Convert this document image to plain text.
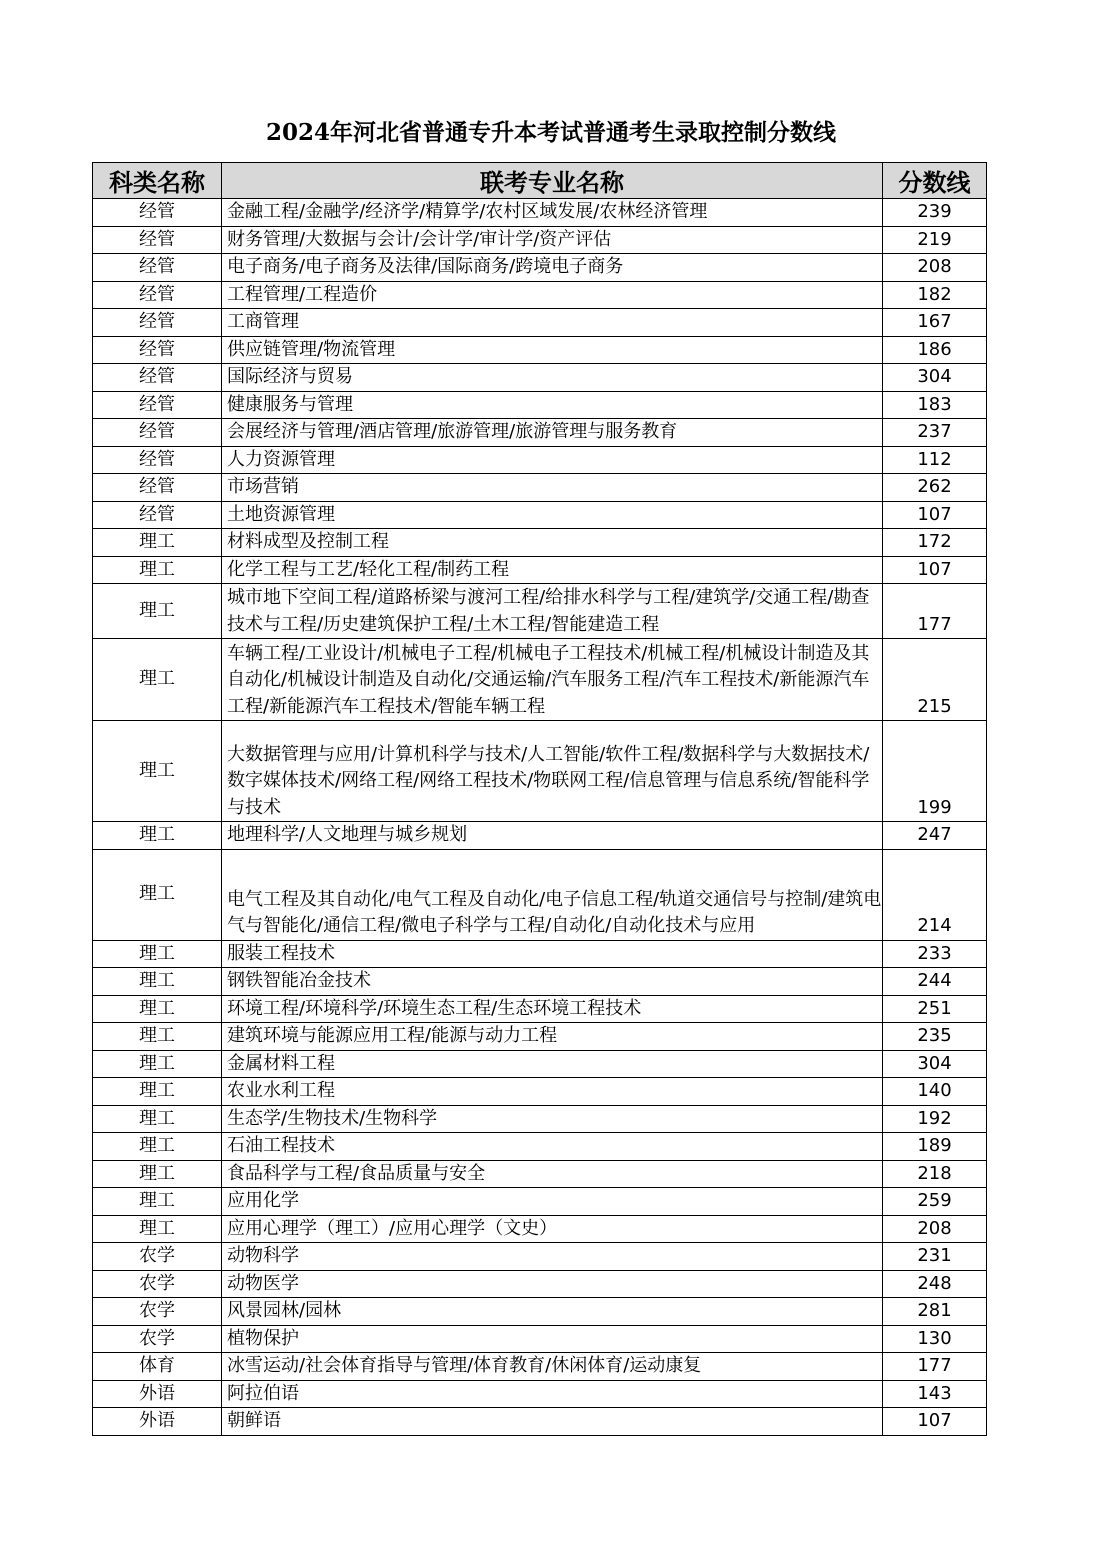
2024年河北省普通专升本考试普通考生录取控制分数线
科类名称	联考专业名称	分数线
经管	金融工程/金融学/经济学/精算学/农村区域发展/农林经济管理	239
经管	财务管理/大数据与会计/会计学/审计学/资产评估	219
经管	电子商务/电子商务及法律/国际商务/跨境电子商务	208
经管	工程管理/工程造价	182
经管	工商管理	167
经管	供应链管理/物流管理	186
经管	国际经济与贸易	304
经管	健康服务与管理	183
经管	会展经济与管理/酒店管理/旅游管理/旅游管理与服务教育	237
经管	人力资源管理	112
经管	市场营销	262
经管	土地资源管理	107
理工	材料成型及控制工程	172
理工	化学工程与工艺/轻化工程/制药工程	107
理工	城市地下空间工程/道路桥梁与渡河工程/给排水科学与工程/建筑学/交通工程/勘查技术与工程/历史建筑保护工程/土木工程/智能建造工程	177
理工	车辆工程/工业设计/机械电子工程/机械电子工程技术/机械工程/机械设计制造及其自动化/机械设计制造及自动化/交通运输/汽车服务工程/汽车工程技术/新能源汽车工程/新能源汽车工程技术/智能车辆工程	215
理工	大数据管理与应用/计算机科学与技术/人工智能/软件工程/数据科学与大数据技术/数字媒体技术/网络工程/网络工程技术/物联网工程/信息管理与信息系统/智能科学与技术	199
理工	地理科学/人文地理与城乡规划	247
理工	电气工程及其自动化/电气工程及自动化/电子信息工程/轨道交通信号与控制/建筑电气与智能化/通信工程/微电子科学与工程/自动化/自动化技术与应用	214
理工	服装工程技术	233
理工	钢铁智能冶金技术	244
理工	环境工程/环境科学/环境生态工程/生态环境工程技术	251
理工	建筑环境与能源应用工程/能源与动力工程	235
理工	金属材料工程	304
理工	农业水利工程	140
理工	生态学/生物技术/生物科学	192
理工	石油工程技术	189
理工	食品科学与工程/食品质量与安全	218
理工	应用化学	259
理工	应用心理学（理工）/应用心理学（文史）	208
农学	动物科学	231
农学	动物医学	248
农学	风景园林/园林	281
农学	植物保护	130
体育	冰雪运动/社会体育指导与管理/体育教育/休闲体育/运动康复	177
外语	阿拉伯语	143
外语	朝鲜语	107
